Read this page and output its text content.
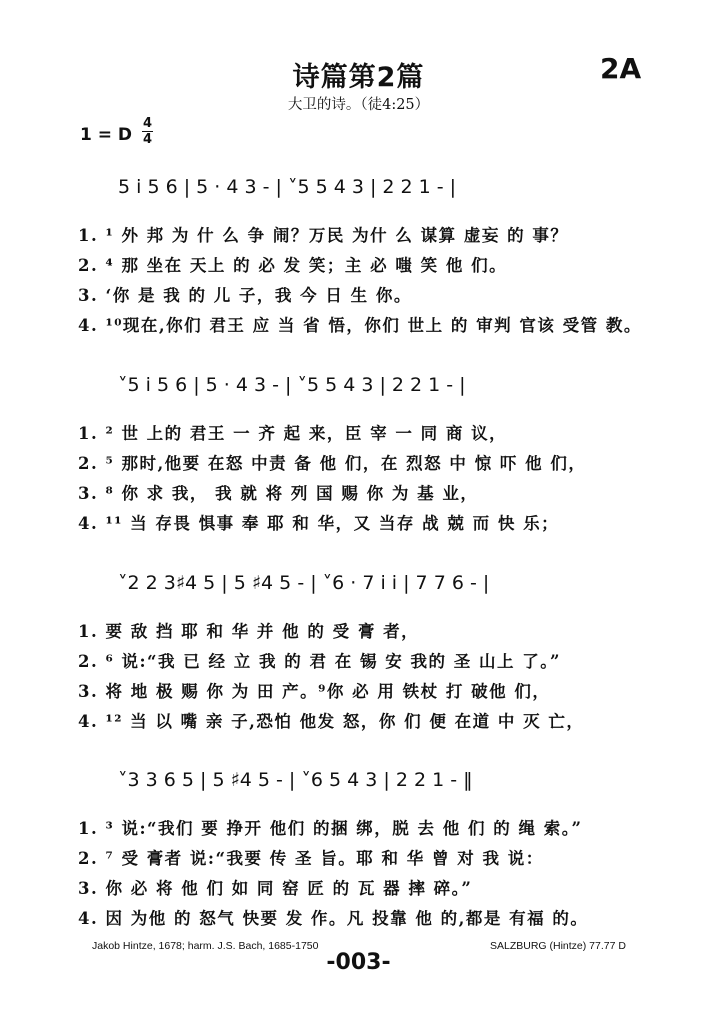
诗篇第2篇	2A
大卫的诗。（徒4:25）
1 = D
4
4
5 i 5 6 | 5 · 4 3 - | ˅5 5 4 3 | 2 2 1 - |
1. ¹ 外 邦 为 什 么 争 闹？万民 为什 么 谋算 虚妄 的 事？
2. ⁴ 那 坐在 天上 的 必 发 笑；主 必 嗤 笑 他 们。
3. ‘你 是 我 的 儿 子，我 今 日 生 你。
4. ¹⁰现在,你们 君王 应 当 省 悟，你们 世上 的 审判 官该 受管 教。
˅5 i 5 6 | 5 · 4 3 - | ˅5 5 4 3 | 2 2 1 - |
1. ² 世 上的 君王 一 齐 起 来，臣 宰 一 同 商 议，
2. ⁵ 那时,他要 在怒 中责 备 他 们，在 烈怒 中 惊 吓 他 们，
3. ⁸ 你 求 我， 我 就 将 列 国 赐 你 为 基 业，
4. ¹¹ 当 存畏 惧事 奉 耶 和 华，又 当存 战 兢 而 快 乐；
˅2 2 3♯4 5 | 5 ♯4 5 - | ˅6 · 7 i i | 7 7 6 - |
1. 要 敌 挡 耶 和 华 并 他 的 受 膏 者，
2. ⁶ 说:“我 已 经 立 我 的 君 在 锡 安 我的 圣 山上 了。”
3. 将 地 极 赐 你 为 田 产。⁹你 必 用 铁杖 打 破他 们，
4. ¹² 当 以 嘴 亲 子,恐怕 他发 怒，你 们 便 在道 中 灭 亡，
˅3 3 6 5 | 5 ♯4 5 - | ˅6 5 4 3 | 2 2 1 - ‖
1. ³ 说:“我们 要 挣开 他们 的捆 绑，脱 去 他 们 的 绳 索。”
2. ⁷ 受 膏者 说:“我要 传 圣 旨。耶 和 华 曾 对 我 说：
3. 你 必 将 他 们 如 同 窑 匠 的 瓦 器 摔 碎。”
4. 因 为他 的 怒气 快要 发 作。凡 投靠 他 的,都是 有福 的。
Jakob Hintze, 1678; harm. J.S. Bach, 1685-1750	SALZBURG (Hintze) 77.77 D
-003-
